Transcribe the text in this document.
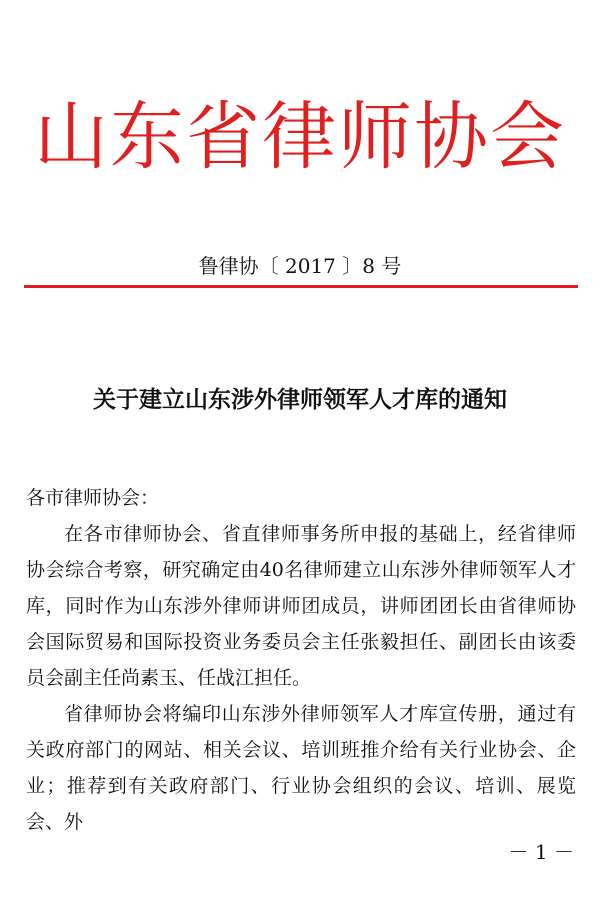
山东省律师协会
鲁律协〔 2017 〕8 号
关于建立山东涉外律师领军人才库的通知

各市律师协会：

在各市律师协会、省直律师事务所申报的基础上，经省律师协会综合考察，研究确定由40名律师建立山东涉外律师领军人才库，同时作为山东涉外律师讲师团成员，讲师团团长由省律师协会国际贸易和国际投资业务委员会主任张毅担任、副团长由该委员会副主任尚素玉、任战江担任。

省律师协会将编印山东涉外律师领军人才库宣传册，通过有关政府部门的网站、相关会议、培训班推介给有关行业协会、企业；推荐到有关政府部门、行业协会组织的会议、培训、展览会、外

－ 1 －
